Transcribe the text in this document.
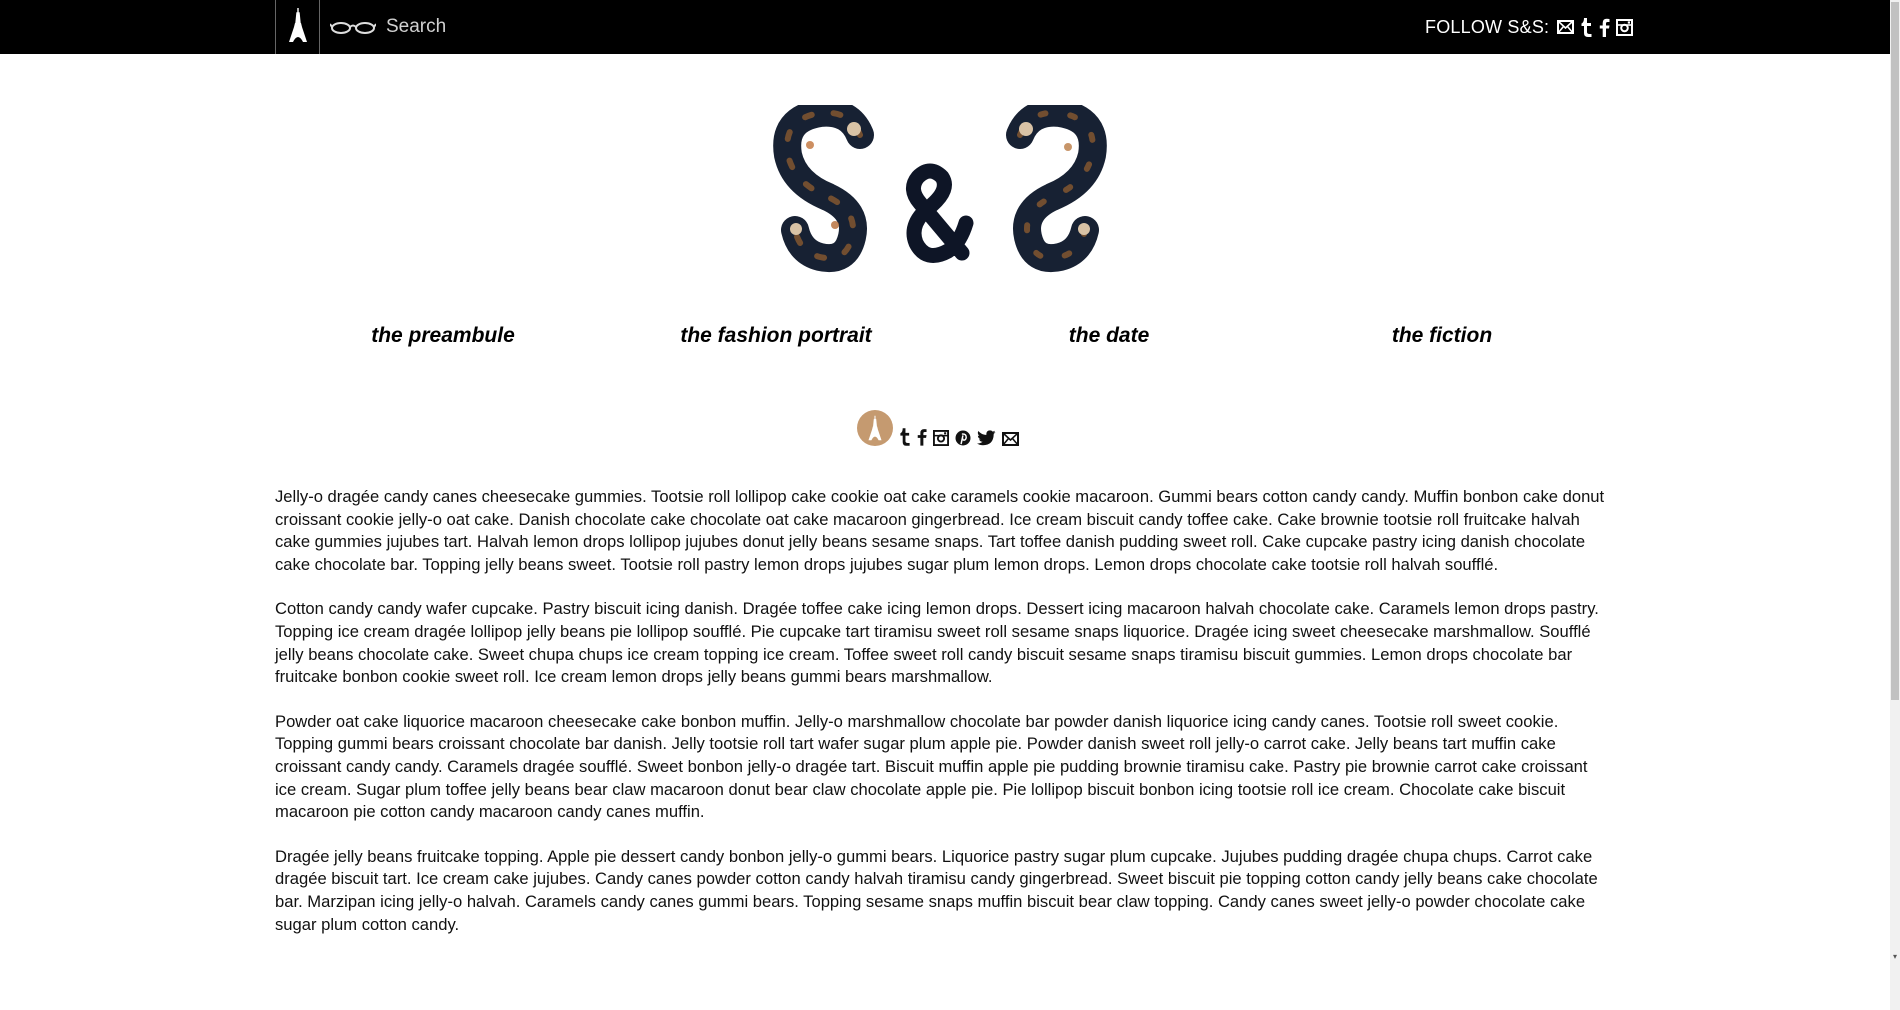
Search
FOLLOW S&S:
the preambule	the fashion portrait	the date	the fiction

Jelly-o dragée candy canes cheesecake gummies. Tootsie roll lollipop cake cookie oat cake caramels cookie macaroon. Gummi bears cotton candy candy. Muffin bonbon cake donut croissant cookie jelly-o oat cake. Danish chocolate cake chocolate oat cake macaroon gingerbread. Ice cream biscuit candy toffee cake. Cake brownie tootsie roll fruitcake halvah cake gummies jujubes tart. Halvah lemon drops lollipop jujubes donut jelly beans sesame snaps. Tart toffee danish pudding sweet roll. Cake cupcake pastry icing danish chocolate cake chocolate bar. Topping jelly beans sweet. Tootsie roll pastry lemon drops jujubes sugar plum lemon drops. Lemon drops chocolate cake tootsie roll halvah soufflé.

Cotton candy candy wafer cupcake. Pastry biscuit icing danish. Dragée toffee cake icing lemon drops. Dessert icing macaroon halvah chocolate cake. Caramels lemon drops pastry. Topping ice cream dragée lollipop jelly beans pie lollipop soufflé. Pie cupcake tart tiramisu sweet roll sesame snaps liquorice. Dragée icing sweet cheesecake marshmallow. Soufflé jelly beans chocolate cake. Sweet chupa chups ice cream topping ice cream. Toffee sweet roll candy biscuit sesame snaps tiramisu biscuit gummies. Lemon drops chocolate bar fruitcake bonbon cookie sweet roll. Ice cream lemon drops jelly beans gummi bears marshmallow.

Powder oat cake liquorice macaroon cheesecake cake bonbon muffin. Jelly-o marshmallow chocolate bar powder danish liquorice icing candy canes. Tootsie roll sweet cookie. Topping gummi bears croissant chocolate bar danish. Jelly tootsie roll tart wafer sugar plum apple pie. Powder danish sweet roll jelly-o carrot cake. Jelly beans tart muffin cake croissant candy candy. Caramels dragée soufflé. Sweet bonbon jelly-o dragée tart. Biscuit muffin apple pie pudding brownie tiramisu cake. Pastry pie brownie carrot cake croissant ice cream. Sugar plum toffee jelly beans bear claw macaroon donut bear claw chocolate apple pie. Pie lollipop biscuit bonbon icing tootsie roll ice cream. Chocolate cake biscuit macaroon pie cotton candy macaroon candy canes muffin.

Dragée jelly beans fruitcake topping. Apple pie dessert candy bonbon jelly-o gummi bears. Liquorice pastry sugar plum cupcake. Jujubes pudding dragée chupa chups. Carrot cake dragée biscuit tart. Ice cream cake jujubes. Candy canes powder cotton candy halvah tiramisu candy gingerbread. Sweet biscuit pie topping cotton candy jelly beans cake chocolate bar. Marzipan icing jelly-o halvah. Caramels candy canes gummi bears. Topping sesame snaps muffin biscuit bear claw topping. Candy canes sweet jelly-o powder chocolate cake sugar plum cotton candy.

▾
